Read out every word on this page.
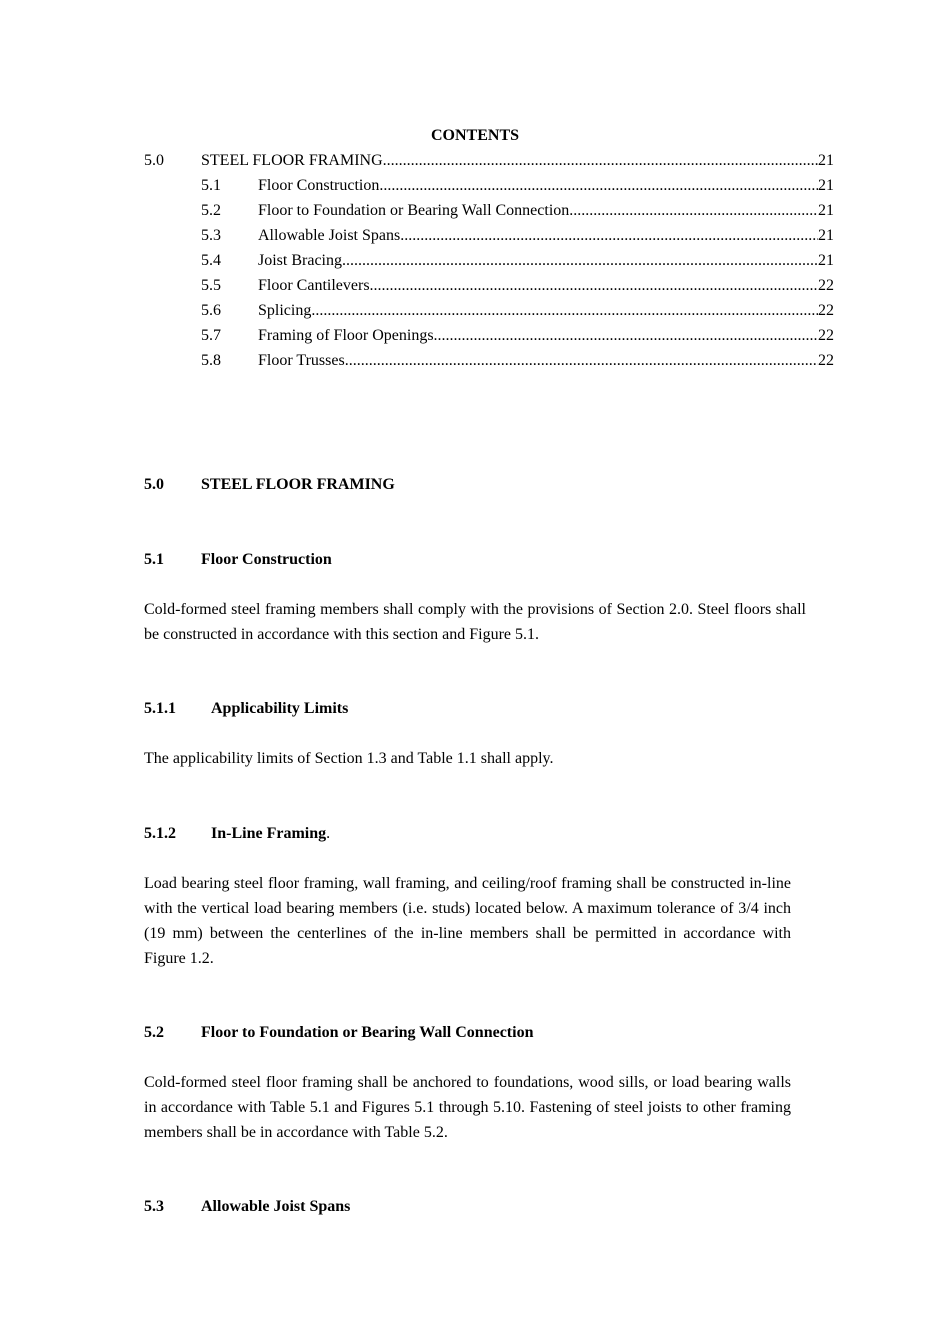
CONTENTS
5.0	STEEL FLOOR FRAMING .....	21
5.1	Floor Construction .....	21
5.2	Floor to Foundation or Bearing Wall Connection .....	21
5.3	Allowable Joist Spans .....	21
5.4	Joist Bracing .....	21
5.5	Floor Cantilevers .....	22
5.6	Splicing .....	22
5.7	Framing of Floor Openings .....	22
5.8	Floor Trusses .....	22
5.0 STEEL FLOOR FRAMING
5.1 Floor Construction

Cold-formed steel framing members shall comply with the provisions of Section 2.0. Steel floors shall be constructed in accordance with this section and Figure 5.1.

5.1.1 Applicability Limits

The applicability limits of Section 1.3 and Table 1.1 shall apply.

5.1.2 In-Line Framing.

Load bearing steel floor framing, wall framing, and ceiling/roof framing shall be constructed in-line with the vertical load bearing members (i.e. studs) located below. A maximum tolerance of 3/4 inch (19 mm) between the centerlines of the in-line members shall be permitted in accordance with Figure 1.2.

5.2 Floor to Foundation or Bearing Wall Connection

Cold-formed steel floor framing shall be anchored to foundations, wood sills, or load bearing walls in accordance with Table 5.1 and Figures 5.1 through 5.10. Fastening of steel joists to other framing members shall be in accordance with Table 5.2.

5.3 Allowable Joist Spans
